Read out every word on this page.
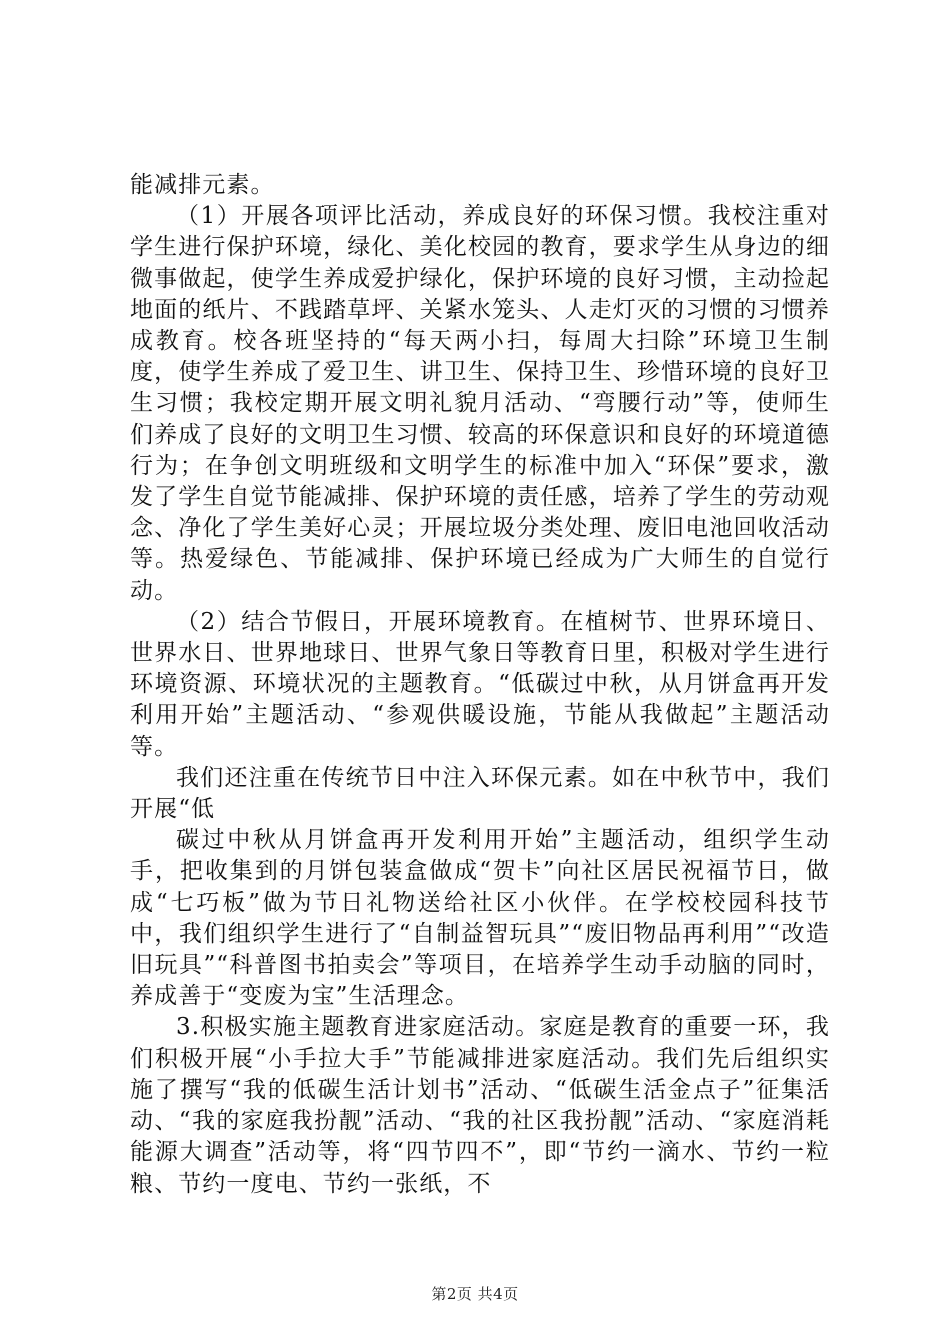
能减排元素。

（1）开展各项评比活动，养成良好的环保习惯。我校注重对学生进行保护环境，绿化、美化校园的教育，要求学生从身边的细微事做起，使学生养成爱护绿化，保护环境的良好习惯，主动捡起地面的纸片、不践踏草坪、关紧水笼头、人走灯灭的习惯的习惯养成教育。校各班坚持的“每天两小扫，每周大扫除”环境卫生制度，使学生养成了爱卫生、讲卫生、保持卫生、珍惜环境的良好卫生习惯；我校定期开展文明礼貌月活动、“弯腰行动”等，使师生们养成了良好的文明卫生习惯、较高的环保意识和良好的环境道德行为；在争创文明班级和文明学生的标准中加入“环保”要求，激发了学生自觉节能减排、保护环境的责任感，培养了学生的劳动观念、净化了学生美好心灵；开展垃圾分类处理、废旧电池回收活动等。热爱绿色、节能减排、保护环境已经成为广大师生的自觉行动。

（2）结合节假日，开展环境教育。在植树节、世界环境日、世界水日、世界地球日、世界气象日等教育日里，积极对学生进行环境资源、环境状况的主题教育。“低碳过中秋，从月饼盒再开发利用开始”主题活动、“参观供暖设施，节能从我做起”主题活动等。

我们还注重在传统节日中注入环保元素。如在中秋节中，我们开展“低

碳过中秋从月饼盒再开发利用开始”主题活动，组织学生动手，把收集到的月饼包装盒做成“贺卡”向社区居民祝福节日，做成“七巧板”做为节日礼物送给社区小伙伴。在学校校园科技节中，我们组织学生进行了“自制益智玩具”“废旧物品再利用”“改造旧玩具”“科普图书拍卖会”等项目，在培养学生动手动脑的同时，养成善于“变废为宝”生活理念。

3.积极实施主题教育进家庭活动。家庭是教育的重要一环，我们积极开展“小手拉大手”节能减排进家庭活动。我们先后组织实施了撰写“我的低碳生活计划书”活动、“低碳生活金点子”征集活动、“我的家庭我扮靓”活动、“我的社区我扮靓”活动、“家庭消耗能源大调查”活动等，将“四节四不”，即“节约一滴水、节约一粒粮、节约一度电、节约一张纸，不

第2页 共4页
